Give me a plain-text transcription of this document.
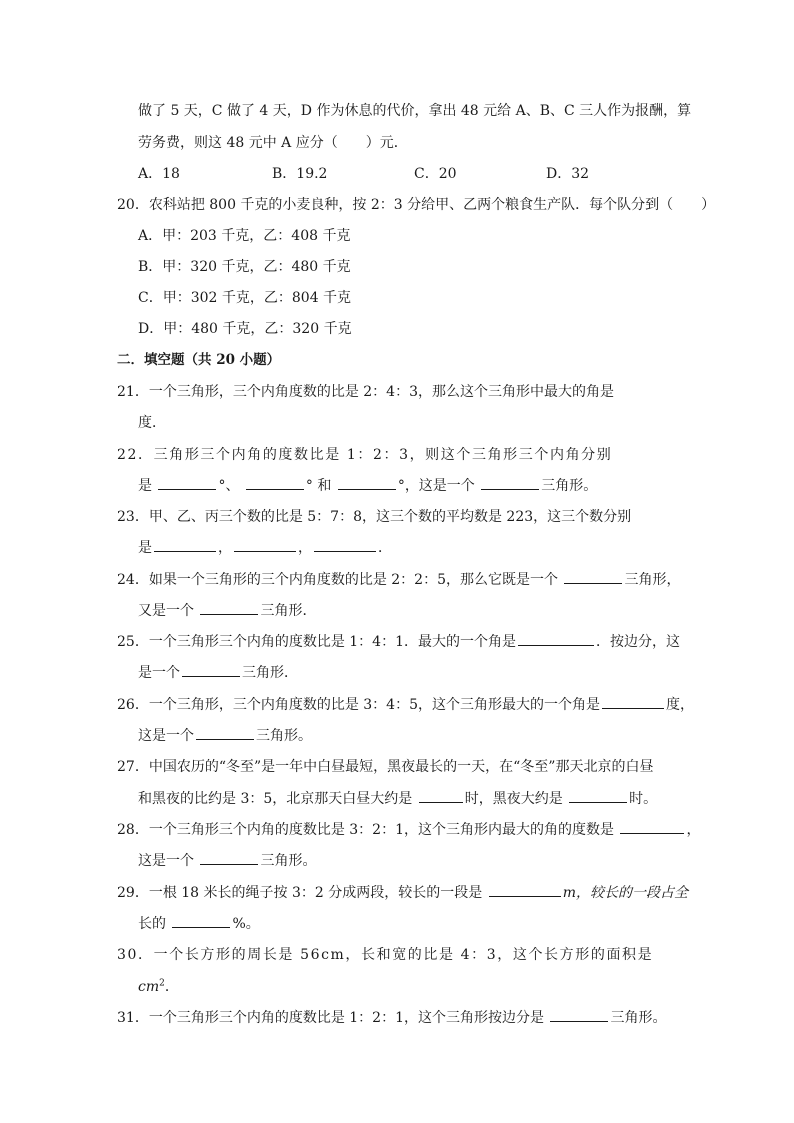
做了 5 天，C 做了 4 天，D 作为休息的代价，拿出 48 元给 A、B、C 三人作为报酬，算
劳务费，则这 48 元中 A 应分（　　）元．
A．18	B．19.2	C．20	D．32
20．农科站把 800 千克的小麦良种，按 2：3 分给甲、乙两个粮食生产队．每个队分到（　　）
A．甲：203 千克，乙：408 千克
B．甲：320 千克，乙：480 千克
C．甲：302 千克，乙：804 千克
D．甲：480 千克，乙：320 千克
二．填空题（共 20 小题）
21．一个三角形，三个内角度数的比是 2：4：3，那么这个三角形中最大的角是
度．
22．三角形三个内角的度数比是 1：2：3，则这个三角形三个内角分别
是	°、	° 和	°，这是一个	三角形。
23．甲、乙、丙三个数的比是 5：7：8，这三个数的平均数是 223，这三个数分别
是	，	，	．
24．如果一个三角形的三个内角度数的比是 2：2：5，那么它既是一个	三角形，
又是一个	三角形．
25．一个三角形三个内角的度数比是 1：4：1．最大的一个角是	．按边分，这
是一个	三角形．
26．一个三角形，三个内角度数的比是 3：4：5，这个三角形最大的一个角是	度，
这是一个	三角形。
27．中国农历的“冬至”是一年中白昼最短，黑夜最长的一天，在“冬至”那天北京的白昼
和黑夜的比约是 3：5，北京那天白昼大约是	时，黑夜大约是	时。
28．一个三角形三个内角的度数比是 3：2：1，这个三角形内最大的角的度数是	，
这是一个	三角形。
29．一根 18 米长的绳子按 3：2 分成两段，较长的一段是	m，较长的一段占全
长的	%。
30．一个长方形的周长是 56cm，长和宽的比是 4：3，这个长方形的面积是
$cm^2$．
31．一个三角形三个内角的度数比是 1：2：1，这个三角形按边分是	三角形。
